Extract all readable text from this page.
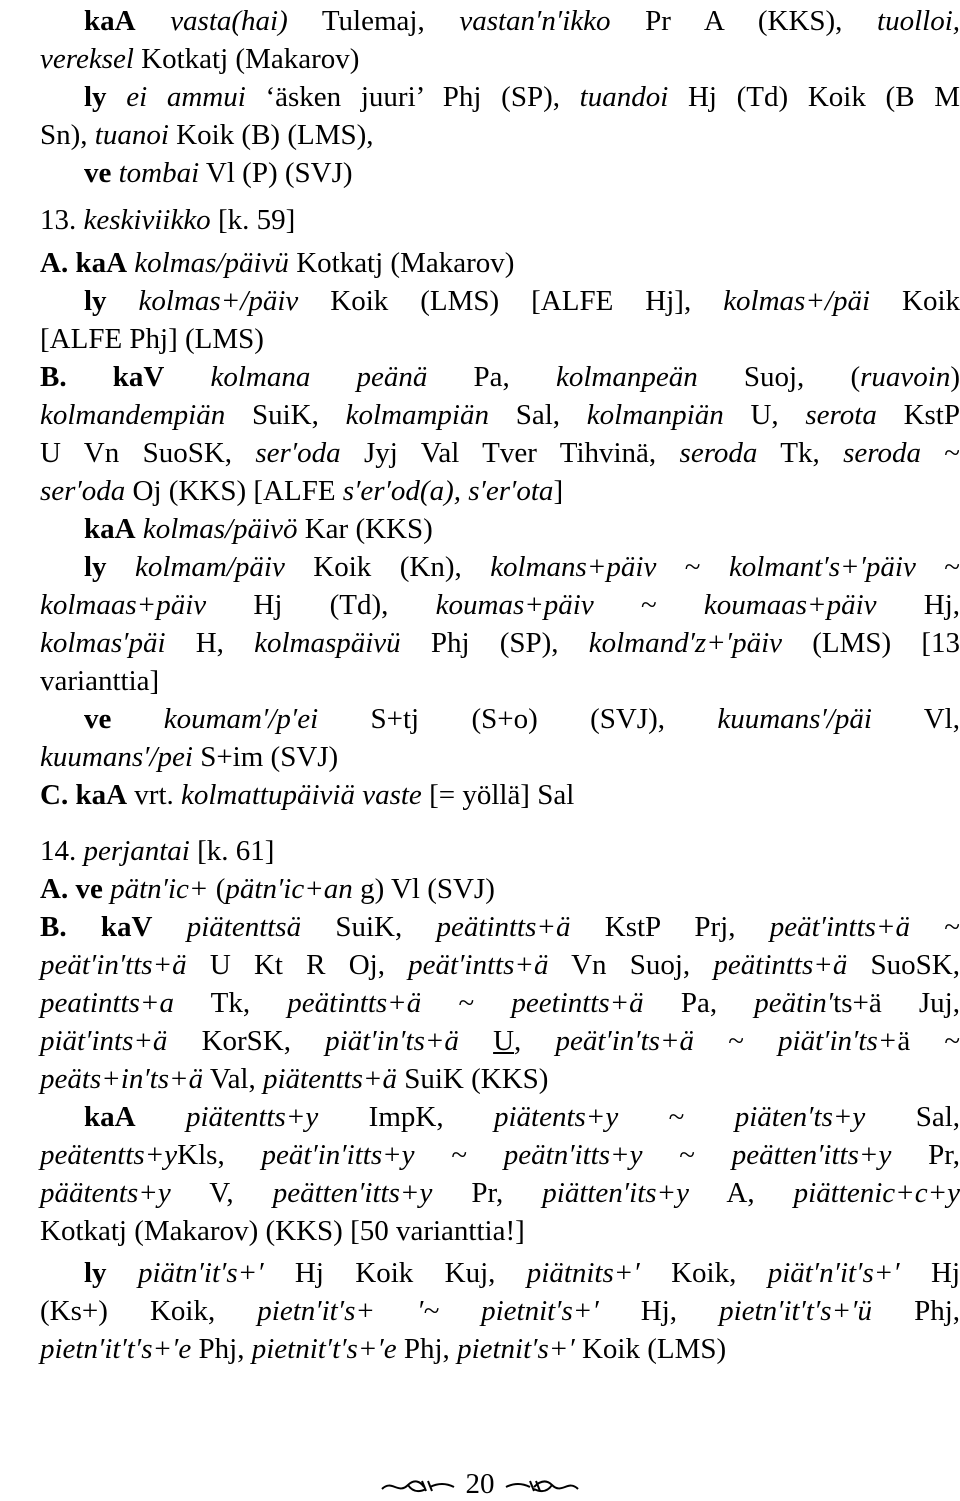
kaA vasta(hai) Tulemaj, vastan′n′ikko Pr A (KKS), tuolloi,
vereksel Kotkatj (Makarov)
ly ei ammui ‘äsken juuri’ Phj (SP), tuandoi Hj (Td) Koik (B M
Sn), tuanoi Koik (B) (LMS),
ve tombai Vl (P) (SVJ)
13. keskiviikko [k. 59]
A. kaA kolmas/päivü Kotkatj (Makarov)
ly kolmas+/päiv Koik (LMS) [ALFE Hj], kolmas+/päi Koik
[ALFE Phj] (LMS)
B. kaV kolmana peänä Pa, kolmanpeän Suoj, (ruavoin)
kolmandempiän SuiK, kolmampiän Sal, kolmanpiän U, serota KstP
U Vn SuoSK, ser′oda Jyj Val Tver Tihvinä, seroda Tk, seroda ~
ser′oda Oj (KKS) [ALFE s′er′od(a), s′er′ota]
kaA kolmas/päivö Kar (KKS)
ly kolmam/päiv Koik (Kn), kolmans+päiv ~ kolmant′s+′päiv ~
kolmaas+päiv Hj (Td), koumas+päiv ~ koumaas+päiv Hj,
kolmas′päi H, kolmaspäivü Phj (SP), kolmand′z+′päiv (LMS) [13
varianttia]
ve koumam′/p′ei S+tj (S+o) (SVJ), kuumans′/päi Vl,
kuumans′/pei S+im (SVJ)
C. kaA vrt. kolmattupäiviä vaste [= yöllä] Sal
14. perjantai [k. 61]
A. ve pätn′ic+ (pätn′ic+an g) Vl (SVJ)
B. kaV piätenttsä SuiK, peätintts+ä KstP Prj, peät′intts+ä ~
peät′in′tts+ä U Kt R Oj, peät′intts+ä Vn Suoj, peätintts+ä SuoSK,
peatintts+a Tk, peätintts+ä ~ peetintts+ä Pa, peätin′ts+ä Juj,
piät′ints+ä KorSK, piät′in′ts+ä U, peät′in′ts+ä ~ piät′in′ts+ä ~
peäts+in′ts+ä Val, piätentts+ä SuiK (KKS)
kaA piätentts+y ImpK, piätents+y ~ piäten′ts+y Sal,
peätentts+yKls, peät′in′itts+y ~ peätn′itts+y ~ peätten′itts+y Pr,
päätents+y V, peätten′itts+y Pr, piätten′its+y A, piättenic+c+y
Kotkatj (Makarov) (KKS) [50 varianttia!]
ly piätn′it′s+′ Hj Koik Kuj, piätnits+′ Koik, piät′n′it′s+′ Hj
(Ks+) Koik, pietn′it′s+ ′~ pietnit′s+′ Hj, pietn′it′t′s+′ü Phj,
pietn′it′t′s+′e Phj, pietnit′t′s+′e Phj, pietnit′s+′ Koik (LMS)
20
